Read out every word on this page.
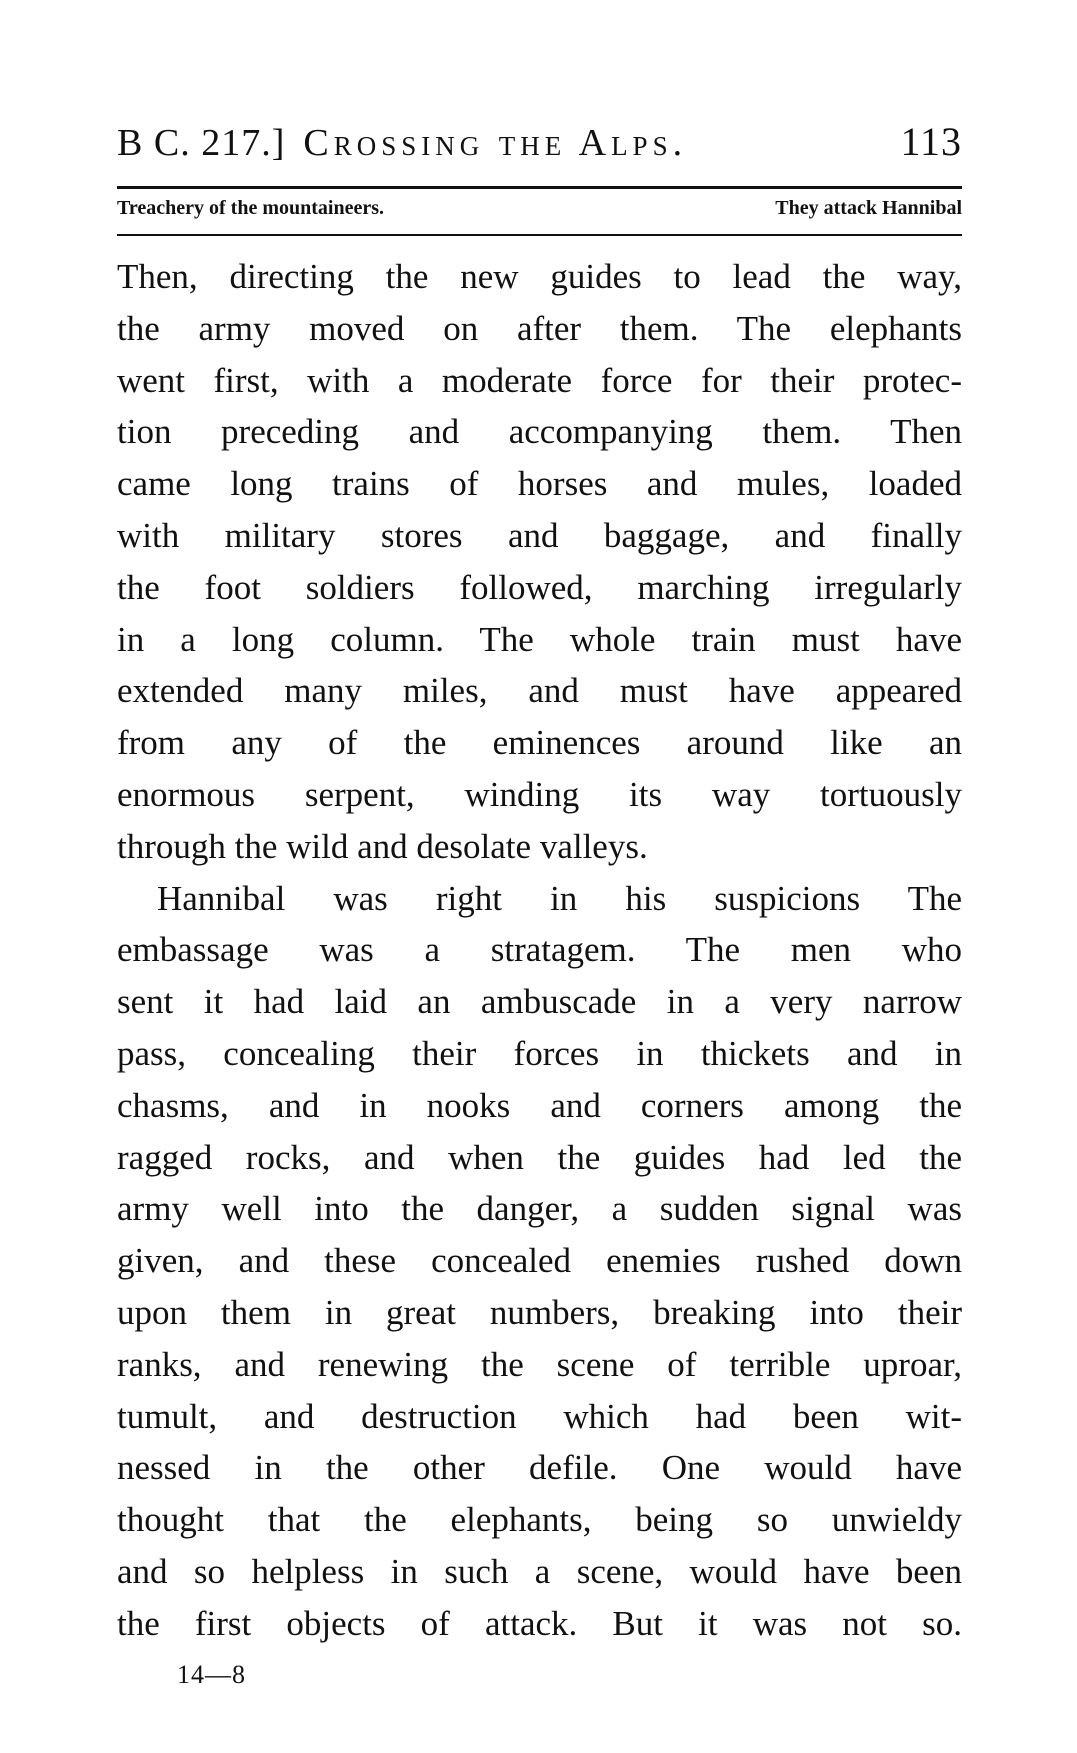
B C. 217.] Crossing the Alps.	113
Treachery of the mountaineers.	They attack Hannibal
Then, directing the new guides to lead the way,
the army moved on after them. The elephants
went first, with a moderate force for their protec-
tion preceding and accompanying them. Then
came long trains of horses and mules, loaded
with military stores and baggage, and finally
the foot soldiers followed, marching irregularly
in a long column. The whole train must have
extended many miles, and must have appeared
from any of the eminences around like an
enormous serpent, winding its way tortuously
through the wild and desolate valleys.
Hannibal was right in his suspicions The
embassage was a stratagem. The men who
sent it had laid an ambuscade in a very narrow
pass, concealing their forces in thickets and in
chasms, and in nooks and corners among the
ragged rocks, and when the guides had led the
army well into the danger, a sudden signal was
given, and these concealed enemies rushed down
upon them in great numbers, breaking into their
ranks, and renewing the scene of terrible uproar,
tumult, and destruction which had been wit-
nessed in the other defile. One would have
thought that the elephants, being so unwieldy
and so helpless in such a scene, would have been
the first objects of attack. But it was not so.
14—8
